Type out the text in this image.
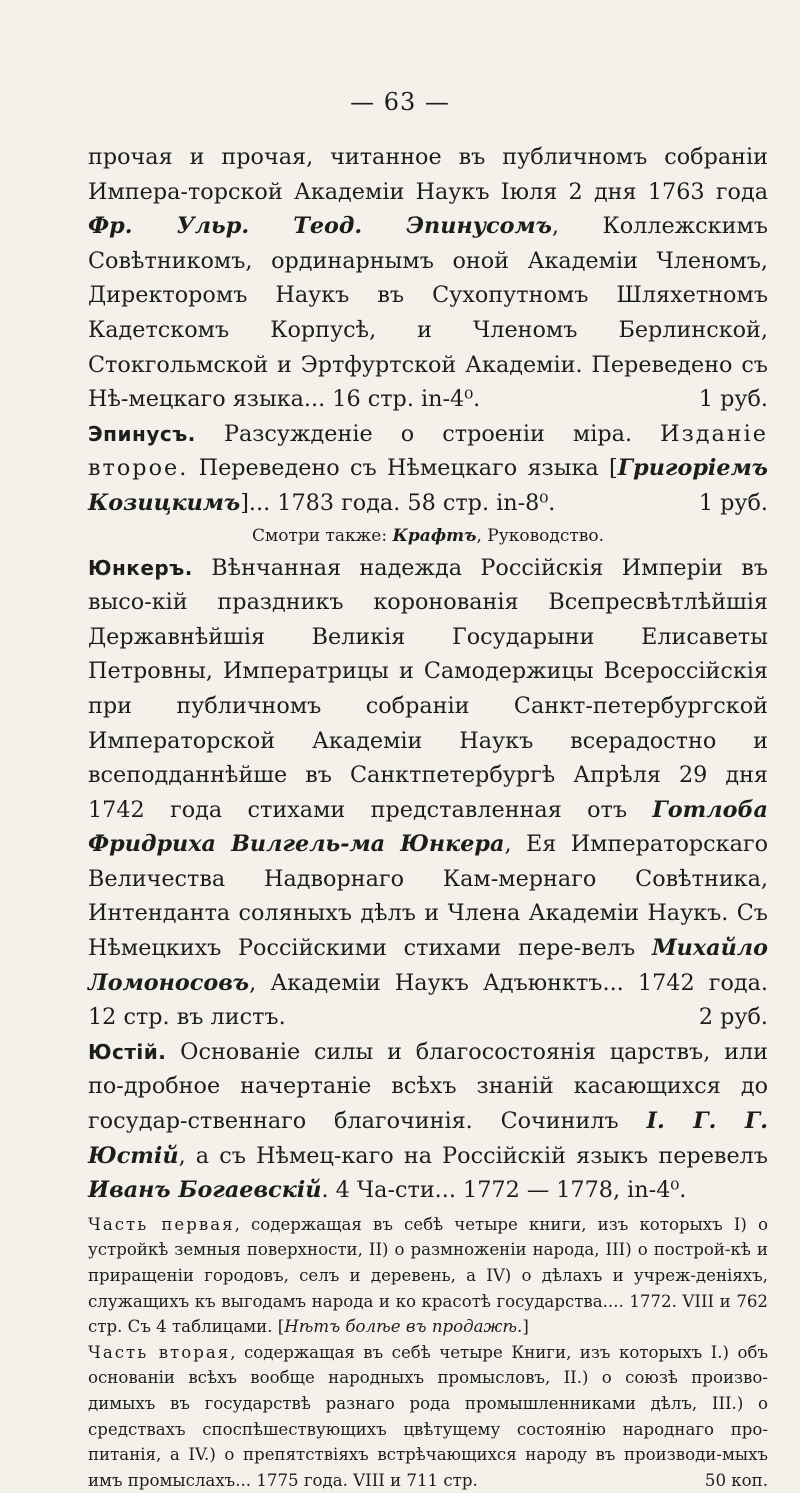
— 63 —

прочая и прочая, читанное въ публичномъ собраніи Импера-торской Академіи Наукъ Іюля 2 дня 1763 года Фр. Ульр. Теод. Эпинусомъ, Коллежскимъ Совѣтникомъ, ординарнымъ оной Академіи Членомъ, Директоромъ Наукъ въ Сухопутномъ Шляхетномъ Кадетскомъ Корпусѣ, и Членомъ Берлинской, Стокгольмской и Эртфуртской Академіи. Переведено съ Нѣ-мецкаго языка... 16 стр. in-4⁰.	1 руб.

Эпинусъ. Разсужденіе о строеніи міра. Изданіе второе. Переведено съ Нѣмецкаго языка [Григоріемъ Козицкимъ]... 1783 года. 58 стр. in-8⁰.	1 руб.

Смотри также: Крафтъ, Руководство.

Юнкеръ. Вѣнчанная надежда Россійскія Имперіи въ высо-кій праздникъ коронованія Всепресвѣтлѣйшія Державнѣйшія Великія Государыни Елисаветы Петровны, Императрицы и Самодержицы Всероссійскія при публичномъ собраніи Санкт-петербургской Императорской Академіи Наукъ всерадостно и всеподданнѣйше въ Санктпетербургѣ Апрѣля 29 дня 1742 года стихами представленная отъ Готлоба Фридриха Вилгель-ма Юнкера, Ея Императорскаго Величества Надворнаго Кам-мернаго Совѣтника, Интенданта соляныхъ дѣлъ и Члена Академіи Наукъ. Съ Нѣмецкихъ Россійскими стихами пере-велъ Михайло Ломоносовъ, Академіи Наукъ Адъюнктъ... 1742 года. 12 стр. въ листъ.	2 руб.

Юстій. Основаніе силы и благосостоянія царствъ, или по-дробное начертаніе всѣхъ знаній касающихся до государ-ственнаго благочинія. Сочинилъ I. Г. Г. Юстій, а съ Нѣмец-каго на Россійскій языкъ перевелъ Иванъ Богаевскій. 4 Ча-сти... 1772 — 1778, in-4⁰.

Часть первая, содержащая въ себѣ четыре книги, изъ которыхъ I) о устройкѣ земныя поверхности, II) о размноженіи народа, III) о построй-кѣ и приращеніи городовъ, селъ и деревень, а IV) о дѣлахъ и учреж-деніяхъ, служащихъ къ выгодамъ народа и ко красотѣ государства.... 1772. VIII и 762 стр. Съ 4 таблицами. [Нѣтъ болѣе въ продажѣ.]

Часть вторая, содержащая въ себѣ четыре Книги, изъ которыхъ I.) объ основаніи всѣхъ вообще народныхъ промысловъ, II.) о союзѣ произво-димыхъ въ государствѣ разнаго рода промышленниками дѣлъ, III.) о средствахъ споспѣшествующихъ цвѣтущему состоянію народнаго про-питанія, а IV.) о препятствіяхъ встрѣчающихся народу въ производи-мыхъ имъ промыслахъ... 1775 года. VIII и 711 стр.	50 коп.
